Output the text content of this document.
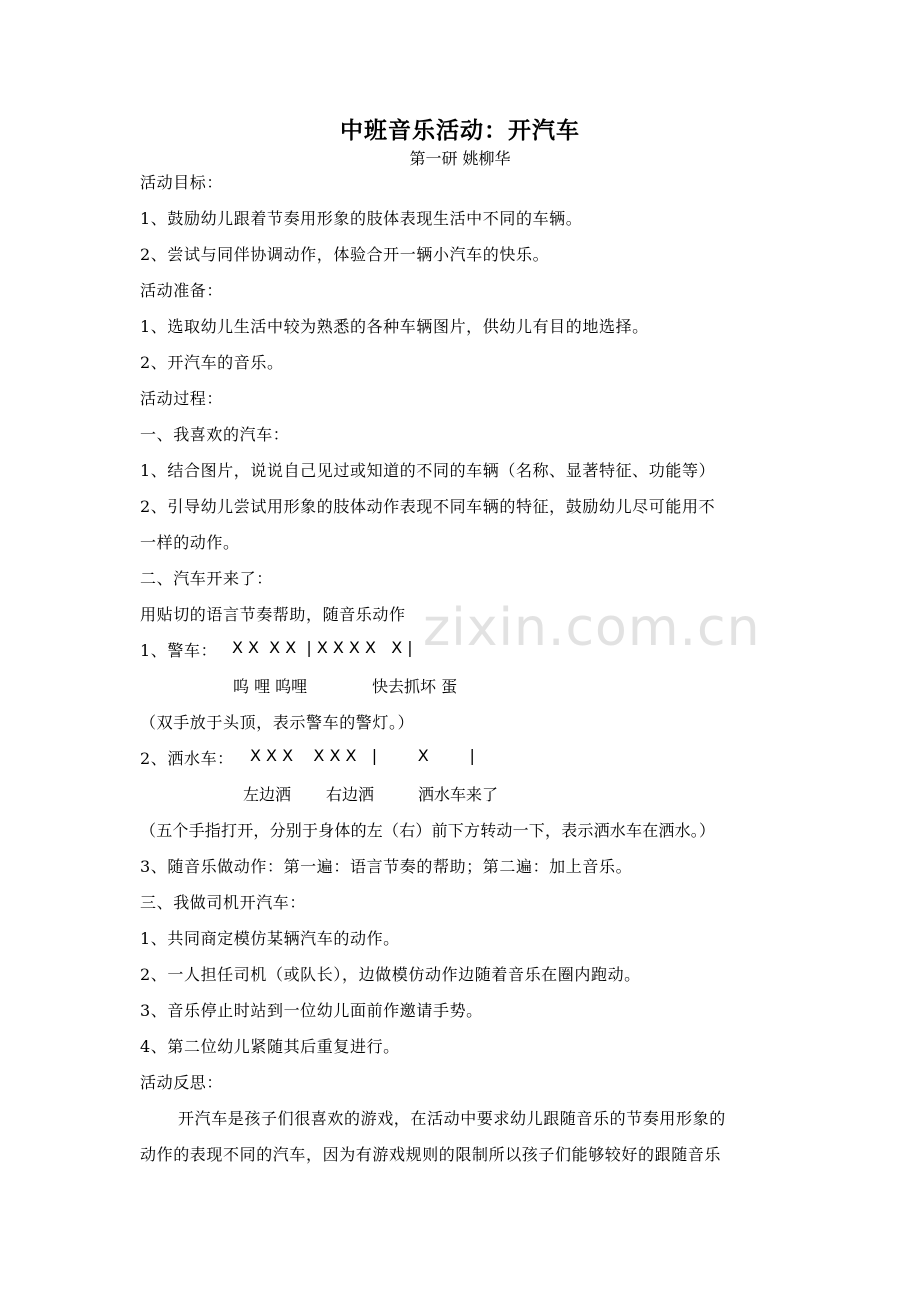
zixin.com.cn
中班音乐活动：开汽车
第一研 姚柳华
活动目标：
1、鼓励幼儿跟着节奏用形象的肢体表现生活中不同的车辆。
2、尝试与同伴协调动作，体验合开一辆小汽车的快乐。
活动准备：
1、选取幼儿生活中较为熟悉的各种车辆图片，供幼儿有目的地选择。
2、开汽车的音乐。
活动过程：
一、我喜欢的汽车：
1、结合图片，说说自己见过或知道的不同的车辆（名称、显著特征、功能等）
2、引导幼儿尝试用形象的肢体动作表现不同车辆的特征，鼓励幼儿尽可能用不
一样的动作。
二、汽车开来了：
用贴切的语言节奏帮助，随音乐动作
1、警车： X X  X X  | X X X X   X |
呜 哩 呜哩	快去抓坏 蛋
（双手放于头顶，表示警车的警灯。）
2、洒水车： X X X    X X X   |        X        |
左边洒 右边洒	洒水车来了
（五个手指打开，分别于身体的左（右）前下方转动一下，表示洒水车在洒水。）
3、随音乐做动作：第一遍：语言节奏的帮助；第二遍：加上音乐。
三、我做司机开汽车：
1、共同商定模仿某辆汽车的动作。
2、一人担任司机（或队长），边做模仿动作边随着音乐在圈内跑动。
3、音乐停止时站到一位幼儿面前作邀请手势。
4、第二位幼儿紧随其后重复进行。
活动反思：
开汽车是孩子们很喜欢的游戏，在活动中要求幼儿跟随音乐的节奏用形象的
动作的表现不同的汽车，因为有游戏规则的限制所以孩子们能够较好的跟随音乐
